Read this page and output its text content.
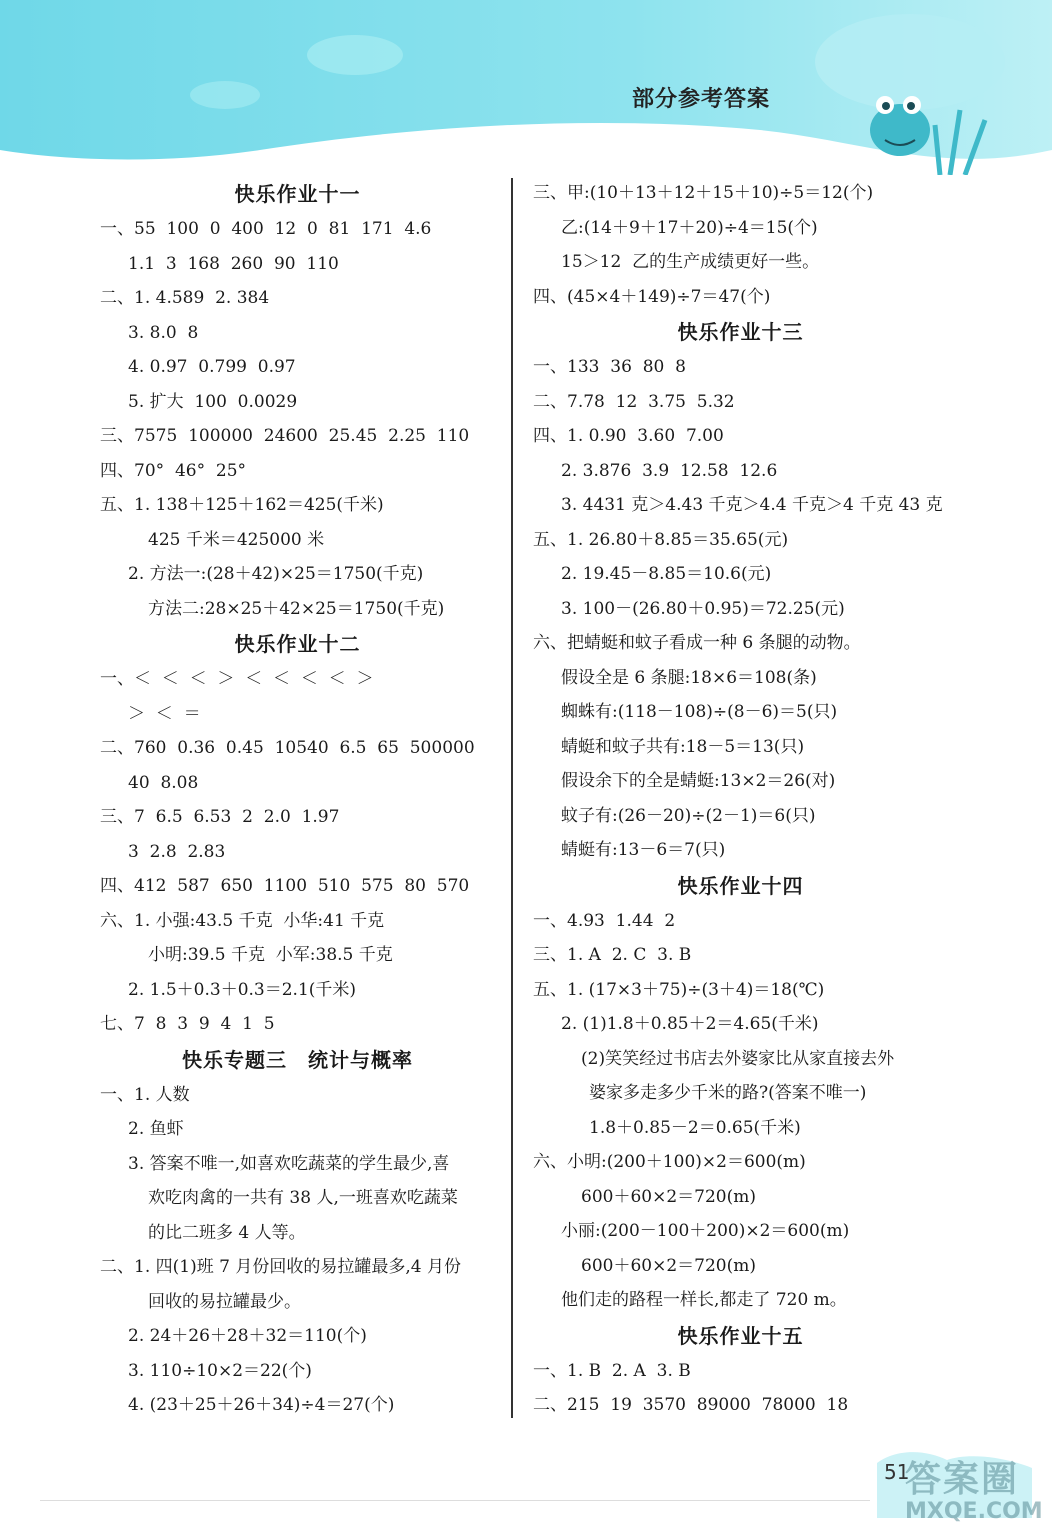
部分参考答案
快乐作业十一
一、55  100  0  400  12  0  81  171  4.6
1.1  3  168  260  90  110
二、1. 4.589  2. 384
3. 8.0  8
4. 0.97  0.799  0.97
5. 扩大  100  0.0029
三、7575  100000  24600  25.45  2.25  110
四、70°  46°  25°
五、1. 138＋125＋162＝425(千米)
425 千米＝425000 米
2. 方法一:(28＋42)×25＝1750(千克)
方法二:28×25＋42×25＝1750(千克)
快乐作业十二
一、＜  ＜  ＜  ＞  ＜  ＜  ＜  ＜  ＞
＞  ＜  ＝
二、760  0.36  0.45  10540  6.5  65  500000
40  8.08
三、7  6.5  6.53  2  2.0  1.97
3  2.8  2.83
四、412  587  650  1100  510  575  80  570
六、1. 小强:43.5 千克  小华:41 千克
小明:39.5 千克  小军:38.5 千克
2. 1.5＋0.3＋0.3＝2.1(千米)
七、7  8  3  9  4  1  5
快乐专题三　统计与概率
一、1. 人数
2. 鱼虾
3. 答案不唯一,如喜欢吃蔬菜的学生最少,喜
欢吃肉禽的一共有 38 人,一班喜欢吃蔬菜
的比二班多 4 人等。
二、1. 四(1)班 7 月份回收的易拉罐最多,4 月份
回收的易拉罐最少。
2. 24＋26＋28＋32＝110(个)
3. 110÷10×2＝22(个)
4. (23＋25＋26＋34)÷4＝27(个)
三、甲:(10＋13＋12＋15＋10)÷5＝12(个)
乙:(14＋9＋17＋20)÷4＝15(个)
15＞12  乙的生产成绩更好一些。
四、(45×4＋149)÷7＝47(个)
快乐作业十三
一、133  36  80  8
二、7.78  12  3.75  5.32
四、1. 0.90  3.60  7.00
2. 3.876  3.9  12.58  12.6
3. 4431 克＞4.43 千克＞4.4 千克＞4 千克 43 克
五、1. 26.80＋8.85＝35.65(元)
2. 19.45－8.85＝10.6(元)
3. 100－(26.80＋0.95)＝72.25(元)
六、把蜻蜓和蚊子看成一种 6 条腿的动物。
假设全是 6 条腿:18×6＝108(条)
蜘蛛有:(118－108)÷(8－6)＝5(只)
蜻蜓和蚊子共有:18－5＝13(只)
假设余下的全是蜻蜓:13×2＝26(对)
蚊子有:(26－20)÷(2－1)＝6(只)
蜻蜓有:13－6＝7(只)
快乐作业十四
一、4.93  1.44  2
三、1. A  2. C  3. B
五、1. (17×3＋75)÷(3＋4)＝18(℃)
2. (1)1.8＋0.85＋2＝4.65(千米)
(2)笑笑经过书店去外婆家比从家直接去外
婆家多走多少千米的路?(答案不唯一)
1.8＋0.85－2＝0.65(千米)
六、小明:(200＋100)×2＝600(m)
600＋60×2＝720(m)
小丽:(200－100＋200)×2＝600(m)
600＋60×2＝720(m)
他们走的路程一样长,都走了 720 m。
快乐作业十五
一、1. B  2. A  3. B
二、215  19  3570  89000  78000  18
51
答案圈
MXQE.COM
